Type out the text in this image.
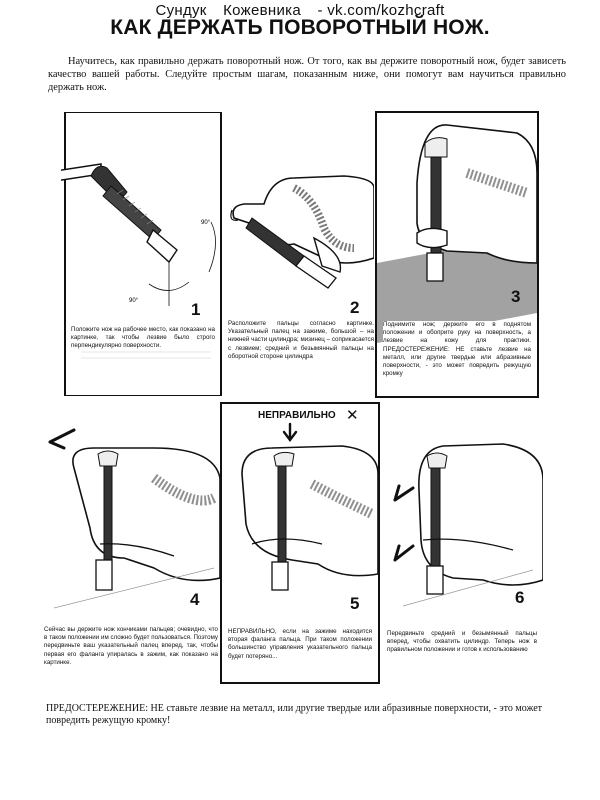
Сундук Кожевника - vk.com/kozhcraft
КАК ДЕРЖАТЬ ПОВОРОТНЫЙ НОЖ.
Научитесь, как правильно держать поворотный нож. От того, как вы держите поворотный нож, будет зависеть качество вашей работы. Следуйте простым шагам, показанным ниже, они помогут вам научиться правильно держать нож.
90°
90°
1
Положите нож на рабочее место, как показано на картинке, так чтобы лезвие было строго перпендикулярно поверхности.
2
Расположите пальцы согласно картинке. Указательный палец на зажиме, большой – на нижней части цилиндра; мизинец – соприкасается с лезвием; средний и безымянный пальцы на оборотной стороне цилиндра
3
Поднимите нож; держите его в поднятом положении и обоприте руку на поверхность, а лезвие на кожу для практики. ПРЕДОСТЕРЕЖЕНИЕ: НЕ ставьте лезвие на металл, или другие твердые или абразивные поверхности, - это может повредить режущую кромку
4
Сейчас вы держите нож кончиками пальцев; очевидно, что в таком положении им сложно будет пользоваться. Поэтому передвиньте ваш указательный палец вперед, так, чтобы первая его фаланга упиралась в зажим, как показано на картинке.
5
НЕПРАВИЛЬНО, если на зажиме находится вторая фаланга пальца. При таком положении большинство управления указательного пальца будет потеряно...
НЕПРАВИЛЬНО ✕
6
Передвиньте средний и безымянный пальцы вперед, чтобы охватить цилиндр. Теперь нож в правильном положении и готов к использованию
ПРЕДОСТЕРЕЖЕНИЕ: НЕ ставьте лезвие на металл, или другие твердые или абразивные поверхности, - это может повредить режущую кромку!
